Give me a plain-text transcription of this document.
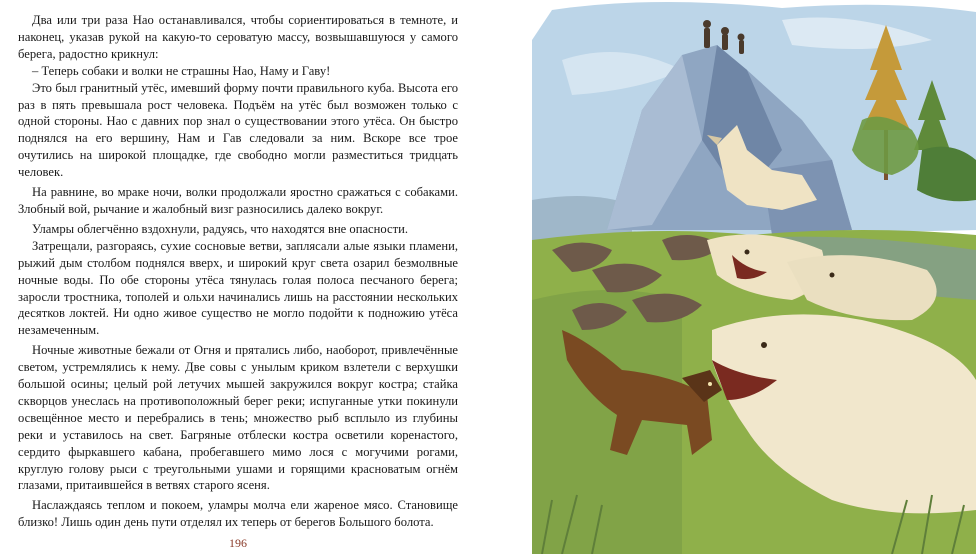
Два или три раза Нао останавливался, чтобы сориентироваться в темноте, и наконец, указав рукой на какую-то сероватую массу, возвышавшуюся у самого берега, радостно крикнул:

– Теперь собаки и волки не страшны Нао, Наму и Гаву!

Это был гранитный утёс, имевший форму почти правильного куба. Высота его раз в пять превышала рост человека. Подъём на утёс был возможен только с одной стороны. Нао с давних пор знал о существовании этого утёса. Он быстро поднялся на его вершину, Нам и Гав следовали за ним. Вскоре все трое очутились на широкой площадке, где свободно могли разместиться тридцать человек.

На равнине, во мраке ночи, волки продолжали яростно сражаться с собаками. Злобный вой, рычание и жалобный визг разносились далеко вокруг.

Уламры облегчённо вздохнули, радуясь, что находятся вне опасности.

Затрещали, разгораясь, сухие сосновые ветви, заплясали алые языки пламени, рыжий дым столбом поднялся вверх, и широкий круг света озарил безмолвные ночные воды. По обе стороны утёса тянулась голая полоса песчаного берега; заросли тростника, тополей и ольхи начинались лишь на расстоянии нескольких десятков локтей. Ни одно живое существо не могло подойти к подножию утёса незамеченным.

Ночные животные бежали от Огня и прятались либо, наоборот, привлечённые светом, устремлялись к нему. Две совы с унылым криком взлетели с верхушки большой осины; целый рой летучих мышей закружился вокруг костра; стайка скворцов унеслась на противоположный берег реки; испуганные утки покинули освещённое место и перебрались в тень; множество рыб всплыло из глубины реки и уставилось на свет. Багряные отблески костра осветили коренастого, сердито фыркавшего кабана, пробегавшего мимо лося с могучими рогами, круглую голову рыси с треугольными ушами и горящими красноватым огнём глазами, притаившейся в ветвях старого ясеня.

Наслаждаясь теплом и покоем, уламры молча ели жареное мясо. Становище близко! Лишь один день пути отделял их теперь от берегов Большого болота.

196
